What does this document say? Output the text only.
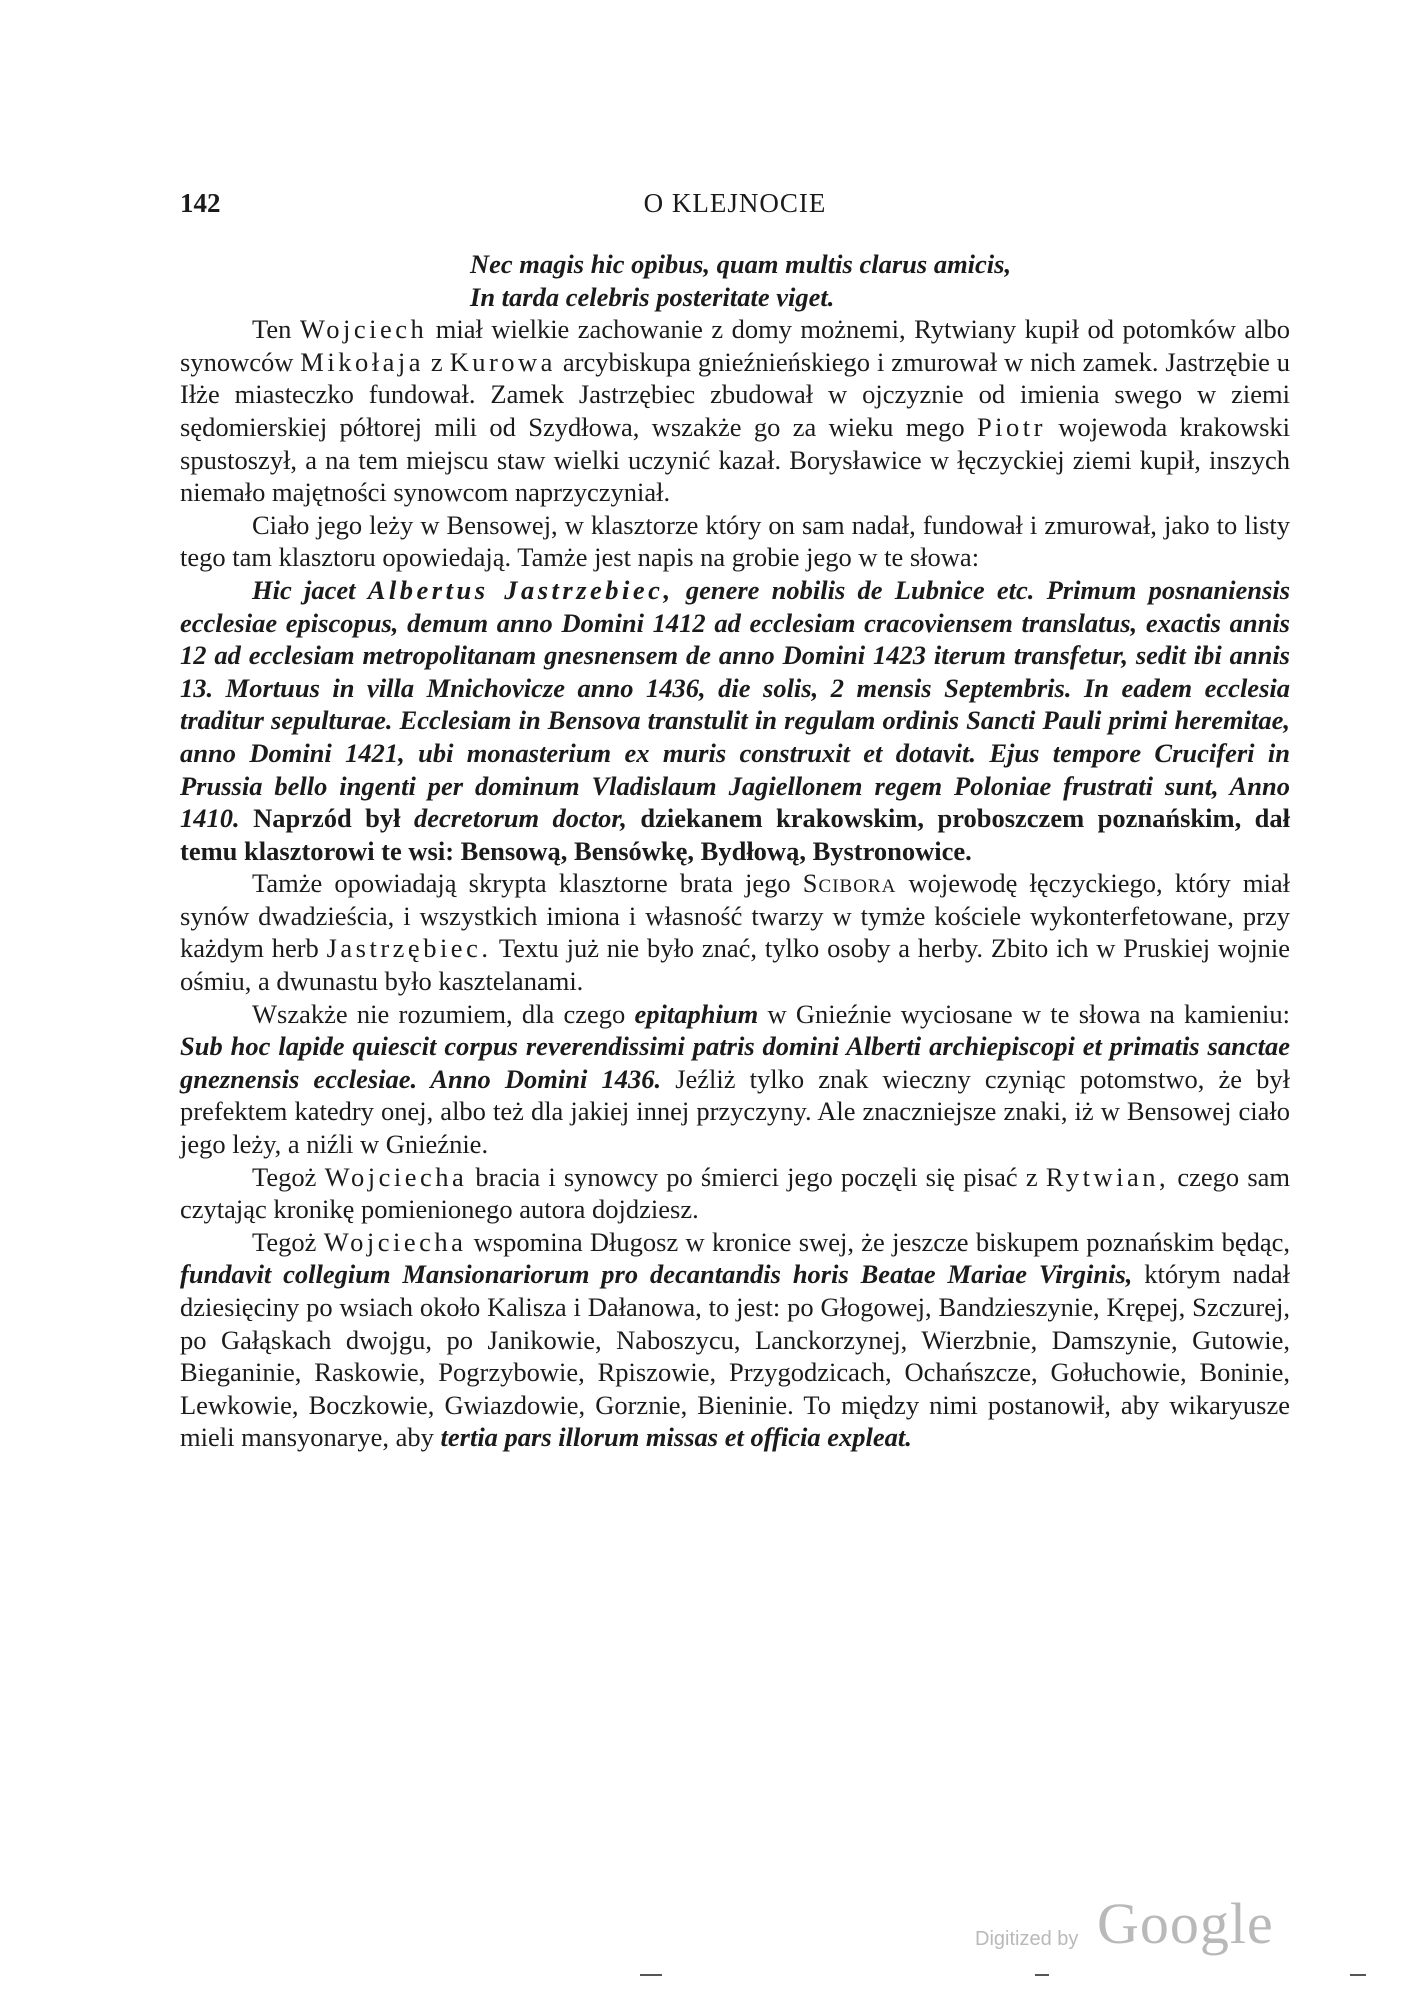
142	O KLEJNOCIE
Nec magis hic opibus, quam multis clarus amicis,
In tarda celebris posteritate viget.

Ten Wojciech miał wielkie zachowanie z domy możnemi, Rytwiany kupił od potomków albo synowców Mikołaja z Kurowa arcybiskupa gnieźnieńskiego i zmurował w nich zamek. Jastrzębie u Iłże miasteczko fundował. Zamek Jastrzębiec zbudował w ojczyznie od imienia swego w ziemi sędomierskiej półtorej mili od Szydłowa, wszakże go za wieku mego Piotr wojewoda krakowski spustoszył, a na tem miejscu staw wielki uczynić kazał. Borysławice w łęczyckiej ziemi kupił, inszych niemało majętności synowcom naprzyczyniał.

Ciało jego leży w Bensowej, w klasztorze który on sam nadał, fundował i zmurował, jako to listy tego tam klasztoru opowiedają. Tamże jest napis na grobie jego w te słowa:

Hic jacet Albertus Jastrzebiec, genere nobilis de Lubnice etc. Primum posnaniensis ecclesiae episcopus, demum anno Domini 1412 ad ecclesiam cracoviensem translatus, exactis annis 12 ad ecclesiam metropolitanam gnesnensem de anno Domini 1423 iterum transfetur, sedit ibi annis 13. Mortuus in villa Mnichovicze anno 1436, die solis, 2 mensis Septembris. In eadem ecclesia traditur sepulturae. Ecclesiam in Bensova transtulit in regulam ordinis Sancti Pauli primi heremitae, anno Domini 1421, ubi monasterium ex muris construxit et dotavit. Ejus tempore Cruciferi in Prussia bello ingenti per dominum Vladislaum Jagiellonem regem Poloniae frustrati sunt, Anno 1410. Naprzód był decretorum doctor, dziekanem krakowskim, proboszczem poznańskim, dał temu klasztorowi te wsi: Bensową, Bensówkę, Bydłową, Bystronowice.

Tamże opowiadają skrypta klasztorne brata jego Scibora wojewodę łęczyckiego, który miał synów dwadzieścia, i wszystkich imiona i własność twarzy w tymże kościele wykonterfetowane, przy każdym herb Jastrzębiec. Textu już nie było znać, tylko osoby a herby. Zbito ich w Pruskiej wojnie ośmiu, a dwunastu było kasztelanami.

Wszakże nie rozumiem, dla czego epitaphium w Gnieźnie wyciosane w te słowa na kamieniu: Sub hoc lapide quiescit corpus reverendissimi patris domini Alberti archiepiscopi et primatis sanctae gneznensis ecclesiae. Anno Domini 1436. Jeźliż tylko znak wieczny czyniąc potomstwo, że był prefektem katedry onej, albo też dla jakiej innej przyczyny. Ale znaczniejsze znaki, iż w Bensowej ciało jego leży, a niźli w Gnieźnie.

Tegoż Wojciecha bracia i synowcy po śmierci jego poczęli się pisać z Rytwian, czego sam czytając kronikę pomienionego autora dojdziesz.

Tegoż Wojciecha wspomina Długosz w kronice swej, że jeszcze biskupem poznańskim będąc, fundavit collegium Mansionariorum pro decantandis horis Beatae Mariae Virginis, którym nadał dziesięciny po wsiach około Kalisza i Dałanowa, to jest: po Głogowej, Bandzieszynie, Krępej, Szczurej, po Gałąskach dwojgu, po Janikowie, Naboszycu, Lanckorzynej, Wierzbnie, Damszynie, Gutowie, Bieganinie, Raskowie, Pogrzybowie, Rpiszowie, Przygodzicach, Ochańszcze, Gołuchowie, Boninie, Lewkowie, Boczkowie, Gwiazdowie, Gorznie, Bieninie. To między nimi postanowił, aby wikaryusze mieli mansyonarye, aby tertia pars illorum missas et officia expleat.

Digitized by Google
